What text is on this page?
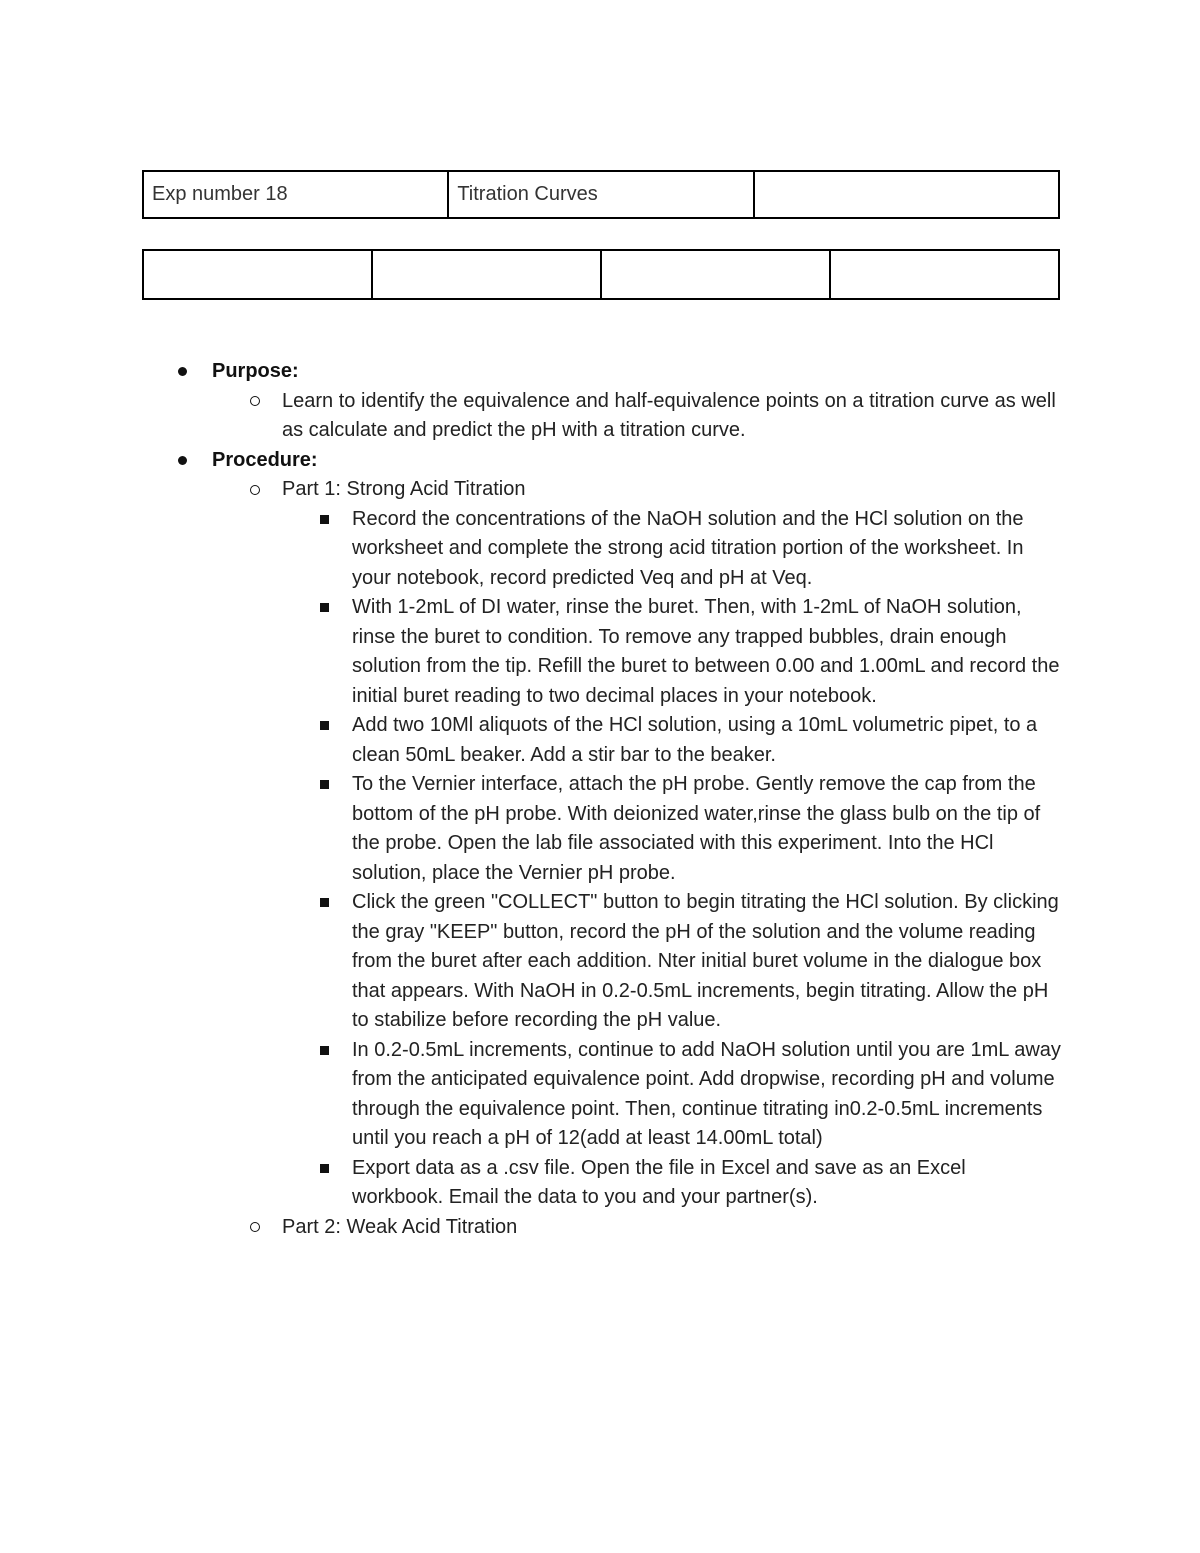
Exp number 18	Titration Curves	

Purpose:
Learn to identify the equivalence and half-equivalence points on a titration curve as well as calculate and predict the pH with a titration curve.
Procedure:
Part 1: Strong Acid Titration
Record the concentrations of the NaOH solution and the HCl solution on the worksheet and complete the strong acid titration portion of the worksheet. In your notebook, record predicted Veq and pH at Veq.
With 1-2mL of DI water, rinse the buret. Then, with 1-2mL of NaOH solution, rinse the buret to condition. To remove any trapped bubbles, drain enough solution from the tip. Refill the buret to between 0.00 and 1.00mL and record the initial buret reading to two decimal places in your notebook.
Add two 10Ml aliquots of the HCl solution, using a 10mL volumetric pipet, to a clean 50mL beaker. Add a stir bar to the beaker.
To the Vernier interface, attach the pH probe. Gently remove the cap from the bottom of the pH probe. With deionized water,rinse the glass bulb on the tip of the probe. Open the lab file associated with this experiment. Into the HCl solution, place the Vernier pH probe.
Click the green "COLLECT" button to begin titrating the HCl solution. By clicking the gray "KEEP" button, record the pH of the solution and the volume reading from the buret after each addition. Nter initial buret volume in the dialogue box that appears. With NaOH in 0.2-0.5mL increments, begin titrating. Allow the pH to stabilize before recording the pH value.
In 0.2-0.5mL increments, continue to add NaOH solution until you are 1mL away from the anticipated equivalence point. Add dropwise, recording pH and volume through the equivalence point. Then, continue titrating in0.2-0.5mL increments until you reach a pH of 12(add at least 14.00mL total)
Export data as a .csv file. Open the file in Excel and save as an Excel workbook. Email the data to you and your partner(s).
Part 2: Weak Acid Titration
